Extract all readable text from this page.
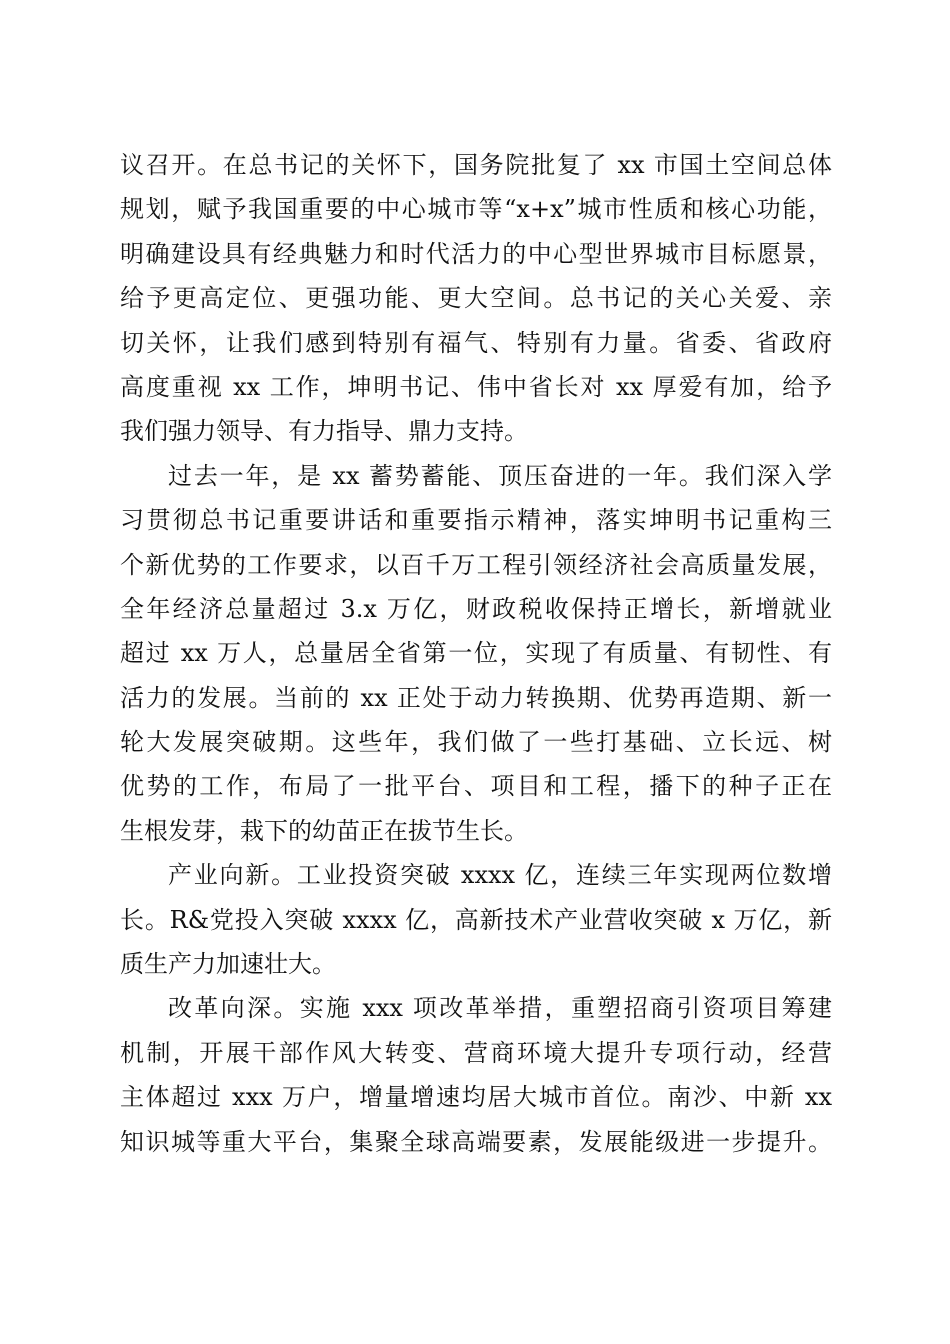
议召开。在总书记的关怀下，国务院批复了 xx 市国土空间总体
规划，赋予我国重要的中心城市等“x+x”城市性质和核心功能，
明确建设具有经典魅力和时代活力的中心型世界城市目标愿景，
给予更高定位、更强功能、更大空间。总书记的关心关爱、亲
切关怀，让我们感到特别有福气、特别有力量。省委、省政府
高度重视 xx 工作，坤明书记、伟中省长对 xx 厚爱有加，给予
我们强力领导、有力指导、鼎力支持。
过去一年，是 xx 蓄势蓄能、顶压奋进的一年。我们深入学
习贯彻总书记重要讲话和重要指示精神，落实坤明书记重构三
个新优势的工作要求，以百千万工程引领经济社会高质量发展，
全年经济总量超过 3.x 万亿，财政税收保持正增长，新增就业
超过 xx 万人，总量居全省第一位，实现了有质量、有韧性、有
活力的发展。当前的 xx 正处于动力转换期、优势再造期、新一
轮大发展突破期。这些年，我们做了一些打基础、立长远、树
优势的工作，布局了一批平台、项目和工程，播下的种子正在
生根发芽，栽下的幼苗正在拔节生长。
产业向新。工业投资突破 xxxx 亿，连续三年实现两位数增
长。R&党投入突破 xxxx 亿，高新技术产业营收突破 x 万亿，新
质生产力加速壮大。
改革向深。实施 xxx 项改革举措，重塑招商引资项目筹建
机制，开展干部作风大转变、营商环境大提升专项行动，经营
主体超过 xxx 万户，增量增速均居大城市首位。南沙、中新 xx
知识城等重大平台，集聚全球高端要素，发展能级进一步提升。
